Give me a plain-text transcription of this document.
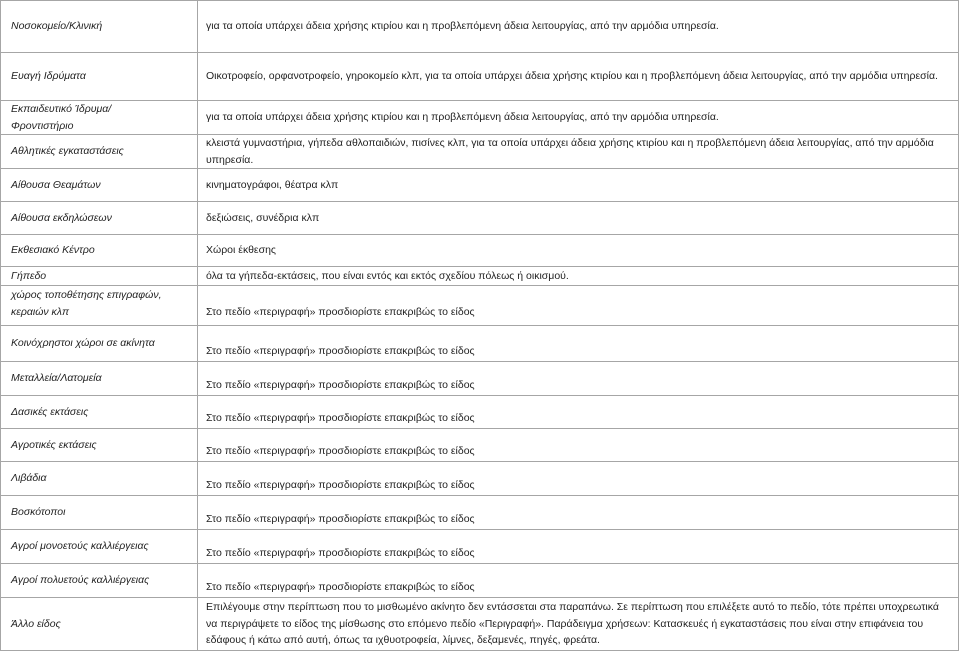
Νοσοκομείο/Κλινική	για τα οποία υπάρχει άδεια χρήσης κτιρίου και η προβλεπόμενη άδεια λειτουργίας, από την αρμόδια υπηρεσία.
Ευαγή Ιδρύματα	Οικοτροφείο, ορφανοτροφείο, γηροκομείο κλπ, για τα οποία υπάρχει άδεια χρήσης κτιρίου και η προβλεπόμενη άδεια λειτουργίας, από την αρμόδια υπηρεσία.
Εκπαιδευτικό Ίδρυμα/Φροντιστήριο	για τα οποία υπάρχει άδεια χρήσης κτιρίου και η προβλεπόμενη άδεια λειτουργίας, από την αρμόδια υπηρεσία.
Αθλητικές εγκαταστάσεις	κλειστά γυμναστήρια, γήπεδα αθλοπαιδιών, πισίνες κλπ, για τα οποία υπάρχει άδεια χρήσης κτιρίου και η προβλεπόμενη άδεια λειτουργίας, από την αρμόδια υπηρεσία.
Αίθουσα Θεαμάτων	κινηματογράφοι, θέατρα κλπ
Αίθουσα εκδηλώσεων	δεξιώσεις, συνέδρια κλπ
Εκθεσιακό Κέντρο	Χώροι έκθεσης
Γήπεδο	όλα τα γήπεδα-εκτάσεις, που είναι εντός και εκτός σχεδίου πόλεως ή οικισμού.
χώρος τοποθέτησης επιγραφών, κεραιών κλπ	Στο πεδίο «περιγραφή» προσδιορίστε επακριβώς το είδος
Κοινόχρηστοι χώροι σε ακίνητα	Στο πεδίο «περιγραφή» προσδιορίστε επακριβώς το είδος
Μεταλλεία/Λατομεία	Στο πεδίο «περιγραφή» προσδιορίστε επακριβώς το είδος
Δασικές εκτάσεις	Στο πεδίο «περιγραφή» προσδιορίστε επακριβώς το είδος
Αγροτικές εκτάσεις	Στο πεδίο «περιγραφή» προσδιορίστε επακριβώς το είδος
Λιβάδια	Στο πεδίο «περιγραφή» προσδιορίστε επακριβώς το είδος
Βοσκότοποι	Στο πεδίο «περιγραφή» προσδιορίστε επακριβώς το είδος
Αγροί μονοετούς καλλιέργειας	Στο πεδίο «περιγραφή» προσδιορίστε επακριβώς το είδος
Αγροί πολυετούς καλλιέργειας	Στο πεδίο «περιγραφή» προσδιορίστε επακριβώς το είδος
Άλλο είδος	Επιλέγουμε στην περίπτωση που το μισθωμένο ακίνητο δεν εντάσσεται στα παραπάνω. Σε περίπτωση που επιλέξετε αυτό το πεδίο, τότε πρέπει υποχρεωτικά να περιγράψετε το είδος της μίσθωσης στο επόμενο πεδίο «Περιγραφή». Παράδειγμα χρήσεων: Κατασκευές ή εγκαταστάσεις που είναι στην επιφάνεια του εδάφους ή κάτω από αυτή, όπως τα ιχθυοτροφεία, λίμνες, δεξαμενές, πηγές, φρεάτα.
